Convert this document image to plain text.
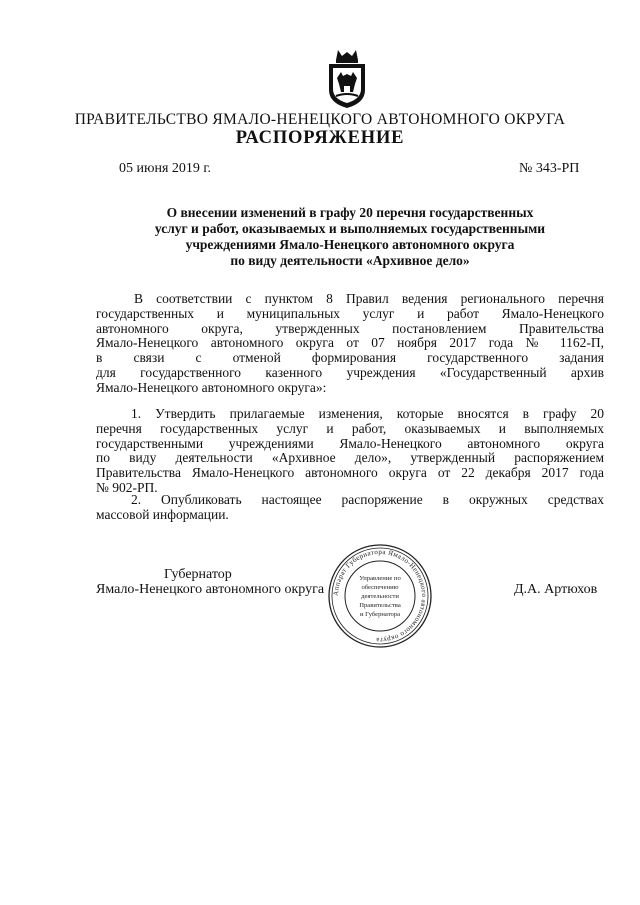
ПРАВИТЕЛЬСТВО ЯМАЛО-НЕНЕЦКОГО АВТОНОМНОГО ОКРУГА
РАСПОРЯЖЕНИЕ
05 июня 2019 г.	№ 343-РП
О внесении изменений в графу 20 перечня государственных
услуг и работ, оказываемых и выполняемых государственными
учреждениями Ямало-Ненецкого автономного округа
по виду деятельности «Архивное дело»
В соответствии с пунктом 8 Правил ведения регионального перечня
государственных и муниципальных услуг и работ Ямало-Ненецкого
автономного округа, утвержденных постановлением Правительства
Ямало-Ненецкого автономного округа от 07 ноября 2017 года № 1162-П,
в связи с отменой формирования государственного задания
для государственного казенного учреждения «Государственный архив
Ямало-Ненецкого автономного округа»:
1. Утвердить прилагаемые изменения, которые вносятся в графу 20
перечня государственных услуг и работ, оказываемых и выполняемых
государственными учреждениями Ямало-Ненецкого автономного округа
по виду деятельности «Архивное дело», утвержденный распоряжением
Правительства Ямало-Ненецкого автономного округа от 22 декабря 2017 года
№ 902-РП.
2. Опубликовать настоящее распоряжение в окружных средствах
массовой информации.
Губернатор
Ямало-Ненецкого автономного округа	Д.А. Артюхов
Аппарат Губернатора Ямало-Ненецкого автономного округа
Управление по
обеспечению
деятельности
Правительства
и Губернатора
